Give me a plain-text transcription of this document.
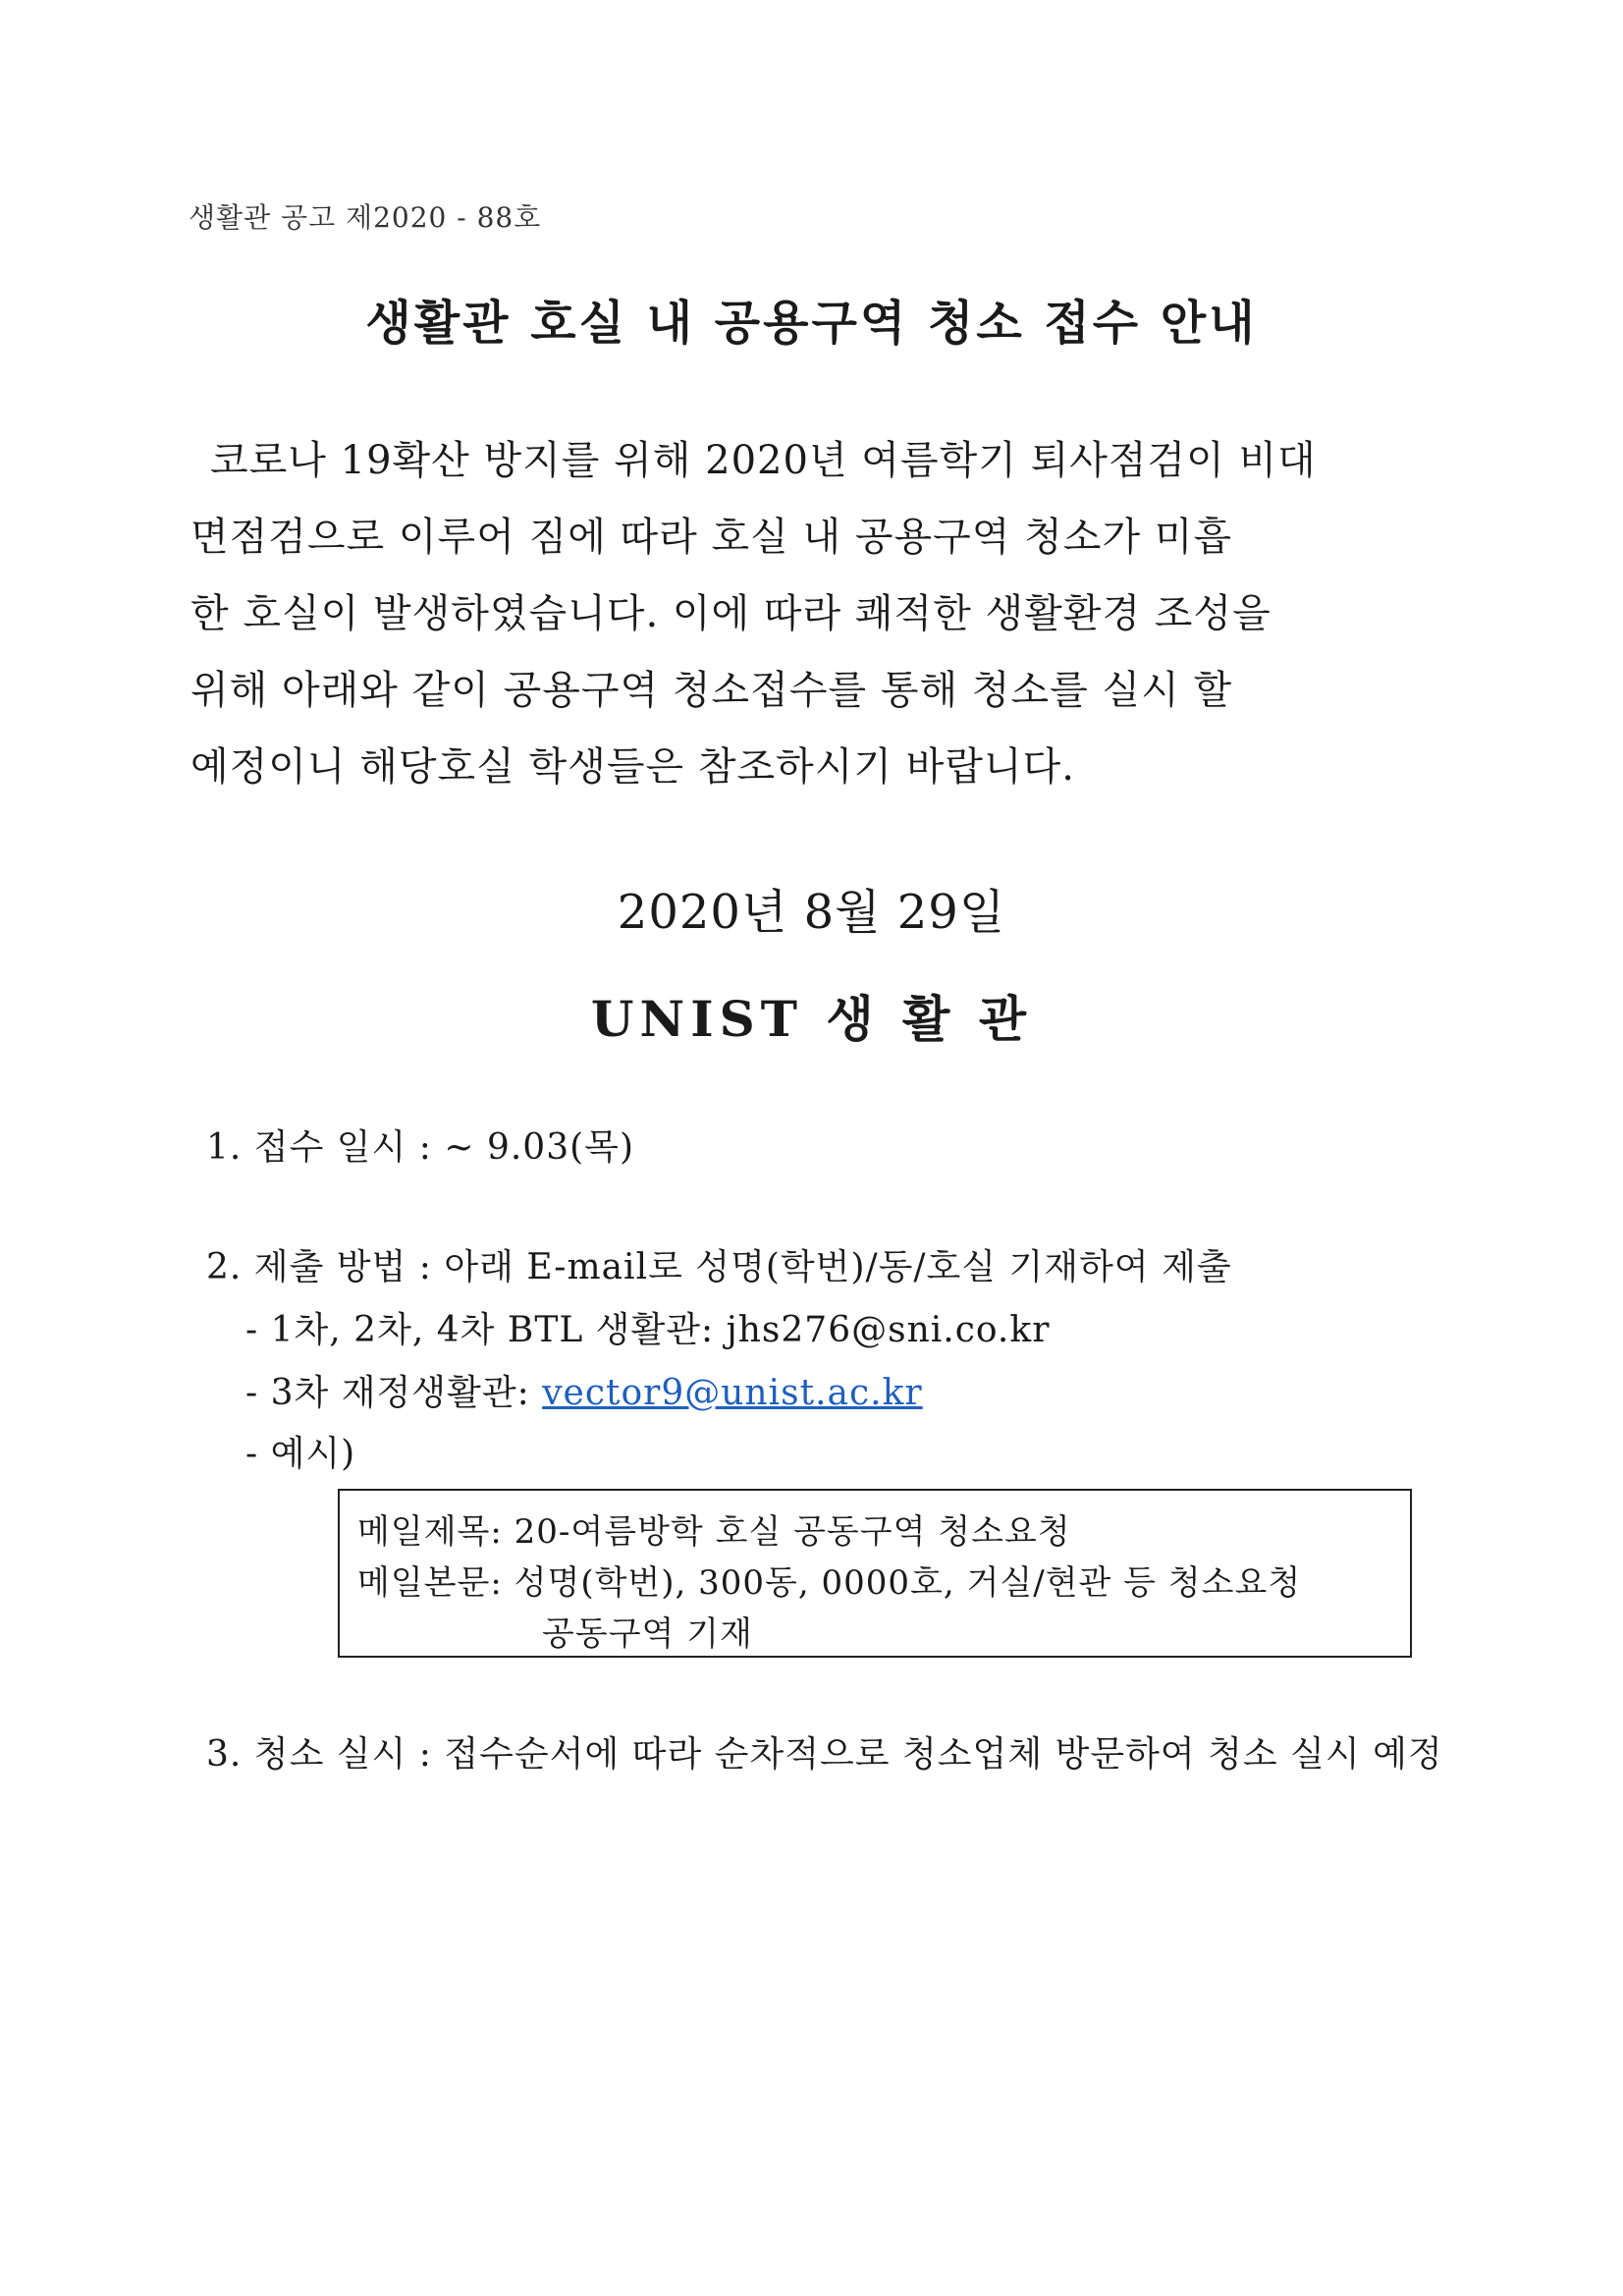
생활관 공고 제2020 - 88호
생활관 호실 내 공용구역 청소 접수 안내
코로나 19확산 방지를 위해 2020년 여름학기 퇴사점검이 비대
면점검으로 이루어 짐에 따라 호실 내 공용구역 청소가 미흡
한 호실이 발생하였습니다. 이에 따라 쾌적한 생활환경 조성을
위해 아래와 같이 공용구역 청소접수를 통해 청소를 실시 할
예정이니 해당호실 학생들은 참조하시기 바랍니다.
2020년 8월 29일
UNIST 생 활 관
1. 접수 일시 : ~ 9.03(목)
2. 제출 방법 : 아래 E-mail로 성명(학번)/동/호실 기재하여 제출
- 1차, 2차, 4차 BTL 생활관: jhs276@sni.co.kr
- 3차 재정생활관: vector9@unist.ac.kr
- 예시)
메일제목: 20-여름방학 호실 공동구역 청소요청
메일본문: 성명(학번), 300동, 0000호, 거실/현관 등 청소요청
공동구역 기재
3. 청소 실시 : 접수순서에 따라 순차적으로 청소업체 방문하여 청소 실시 예정
